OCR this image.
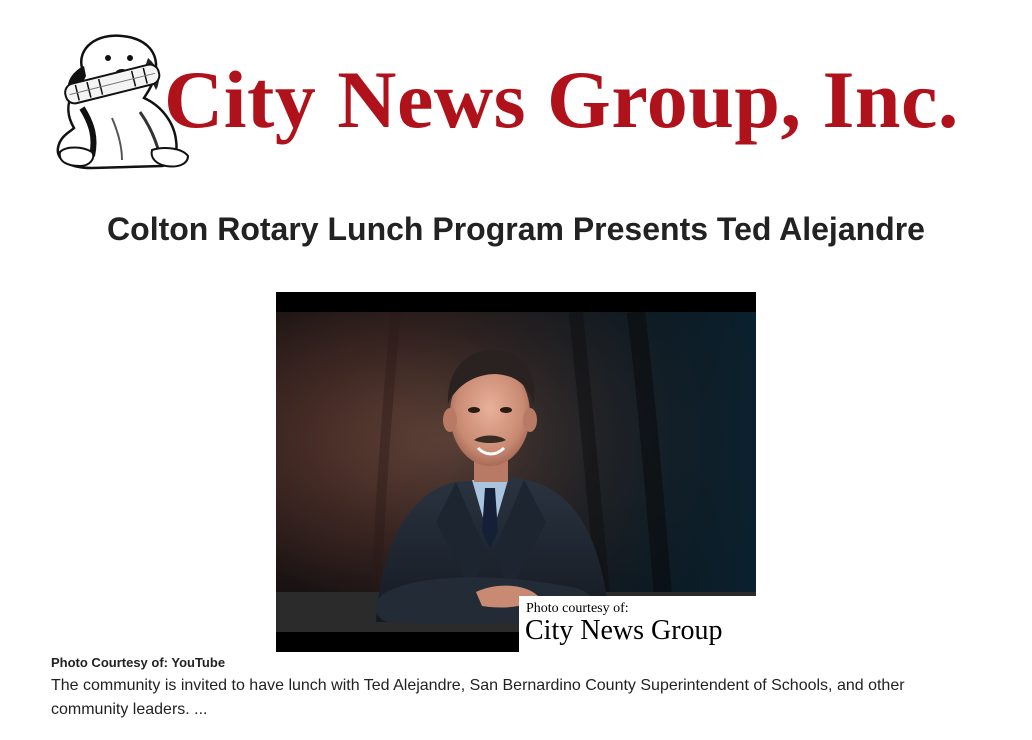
City News Group, Inc.
Colton Rotary Lunch Program Presents Ted Alejandre
Photo courtesy of:
City News Group
Photo Courtesy of: YouTube

The community is invited to have lunch with Ted Alejandre, San Bernardino County Superintendent of Schools, and other community leaders. ...
